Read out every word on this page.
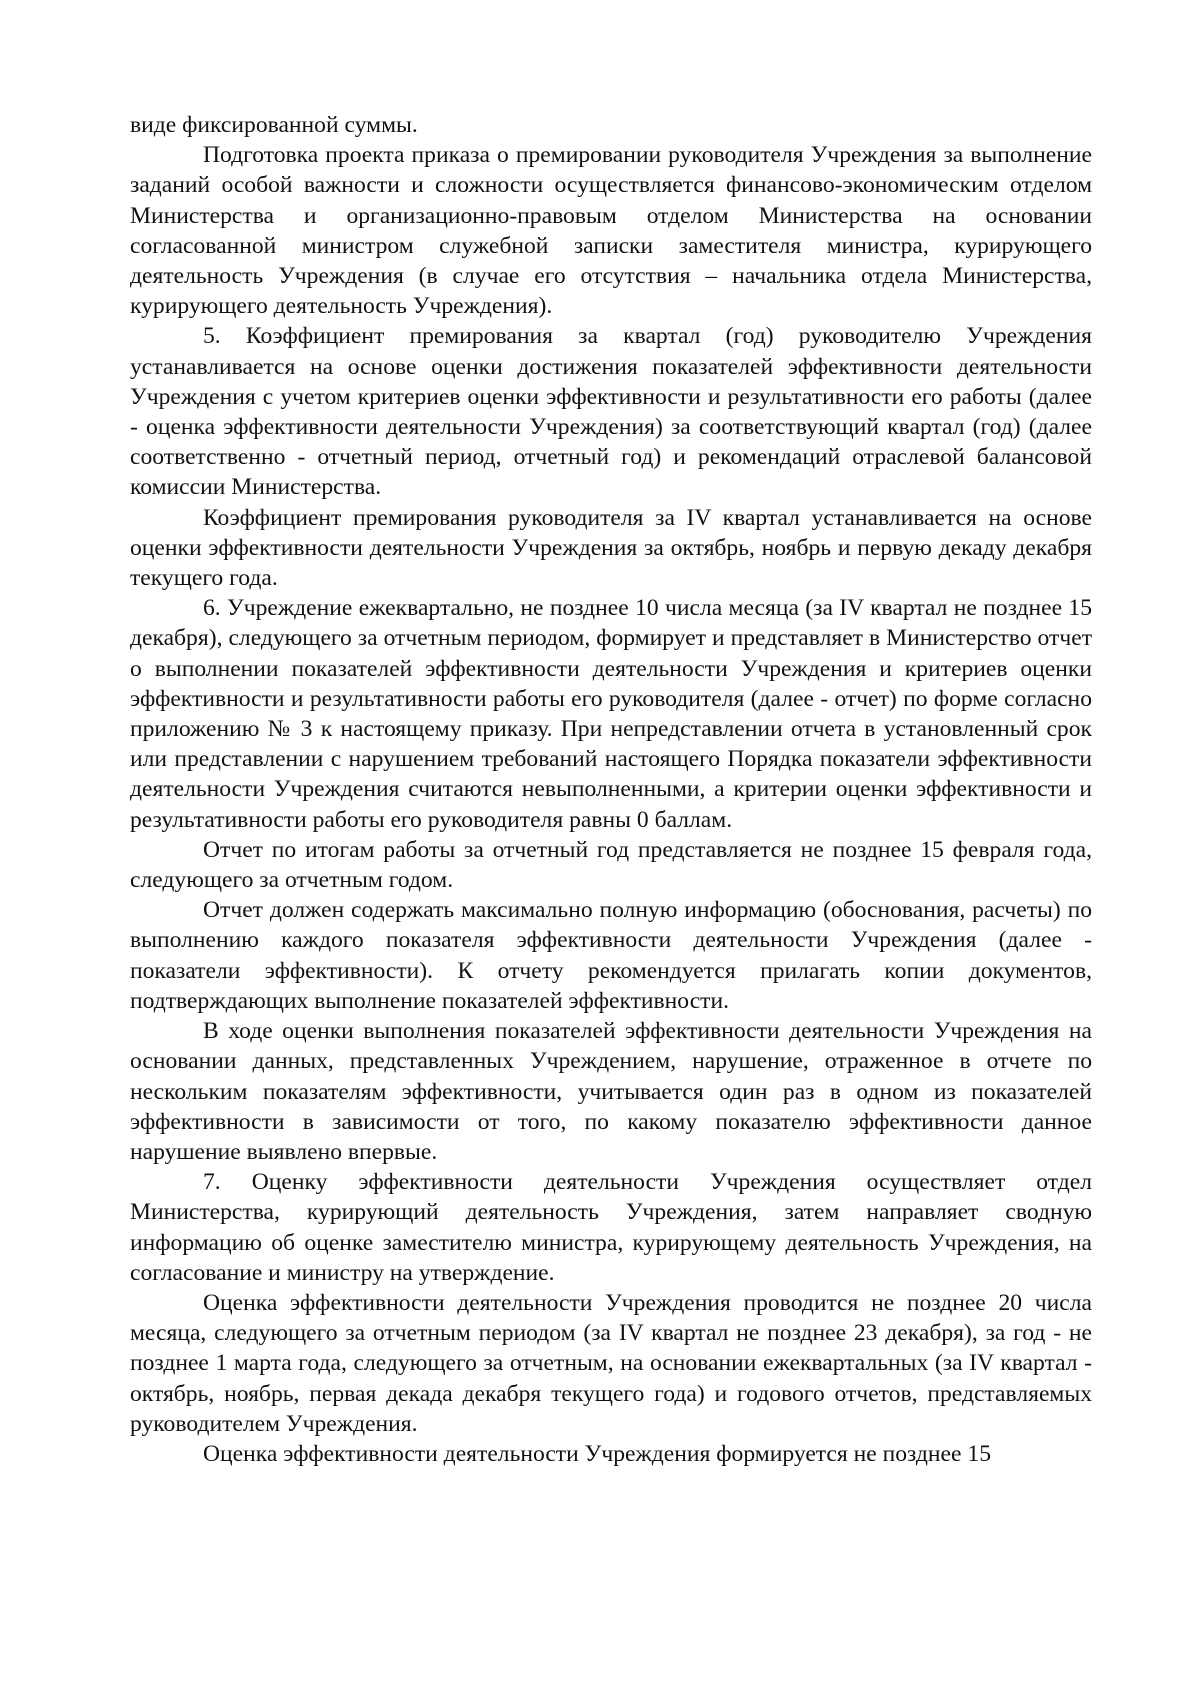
виде фиксированной суммы.

Подготовка проекта приказа о премировании руководителя Учреждения за выполнение заданий особой важности и сложности осуществляется финансово-экономическим отделом Министерства и организационно-правовым отделом Министерства на основании согласованной министром служебной записки заместителя министра, курирующего деятельность Учреждения (в случае его отсутствия – начальника отдела Министерства, курирующего деятельность Учреждения).

5. Коэффициент премирования за квартал (год) руководителю Учреждения устанавливается на основе оценки достижения показателей эффективности деятельности Учреждения с учетом критериев оценки эффективности и результативности его работы (далее - оценка эффективности деятельности Учреждения) за соответствующий квартал (год) (далее соответственно - отчетный период, отчетный год) и рекомендаций отраслевой балансовой комиссии Министерства.

Коэффициент премирования руководителя за IV квартал устанавливается на основе оценки эффективности деятельности Учреждения за октябрь, ноябрь и первую декаду декабря текущего года.

6. Учреждение ежеквартально, не позднее 10 числа месяца (за IV квартал не позднее 15 декабря), следующего за отчетным периодом, формирует и представляет в Министерство отчет о выполнении показателей эффективности деятельности Учреждения и критериев оценки эффективности и результативности работы его руководителя (далее - отчет) по форме согласно приложению № 3 к настоящему приказу. При непредставлении отчета в установленный срок или представлении с нарушением требований настоящего Порядка показатели эффективности деятельности Учреждения считаются невыполненными, а критерии оценки эффективности и результативности работы его руководителя равны 0 баллам.

Отчет по итогам работы за отчетный год представляется не позднее 15 февраля года, следующего за отчетным годом.

Отчет должен содержать максимально полную информацию (обоснования, расчеты) по выполнению каждого показателя эффективности деятельности Учреждения (далее - показатели эффективности). К отчету рекомендуется прилагать копии документов, подтверждающих выполнение показателей эффективности.

В ходе оценки выполнения показателей эффективности деятельности Учреждения на основании данных, представленных Учреждением, нарушение, отраженное в отчете по нескольким показателям эффективности, учитывается один раз в одном из показателей эффективности в зависимости от того, по какому показателю эффективности данное нарушение выявлено впервые.

7. Оценку эффективности деятельности Учреждения осуществляет отдел Министерства, курирующий деятельность Учреждения, затем направляет сводную информацию об оценке заместителю министра, курирующему деятельность Учреждения, на согласование и министру на утверждение.

Оценка эффективности деятельности Учреждения проводится не позднее 20 числа месяца, следующего за отчетным периодом (за IV квартал не позднее 23 декабря), за год - не позднее 1 марта года, следующего за отчетным, на основании ежеквартальных (за IV квартал - октябрь, ноябрь, первая декада декабря текущего года) и годового отчетов, представляемых руководителем Учреждения.

Оценка эффективности деятельности Учреждения формируется не позднее 15
